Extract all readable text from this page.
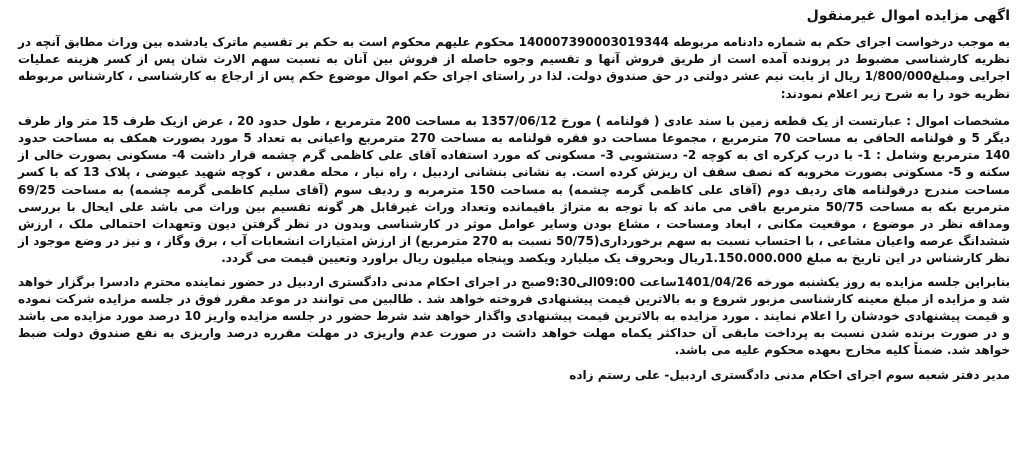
اگهی مزایده اموال غیرمنقول

به موجب درخواست اجرای حکم به شماره دادنامه مربوطه 140007390003019344 محکوم علیهم محکوم است به حکم بر تقسیم ماترک یادشده بین وراث مطابق آنچه در نظریه کارشناسی مضبوط در پرونده آمده است از طریق فروش آنها و تقسیم وجوه حاصله از فروش بین آنان به نسبت سهم الارث شان پس از کسر هزینه عملیات اجرایی ومبلغ1/800/000 ریال از بابت نیم عشر دولتی در حق صندوق دولت. لذا در راستای اجرای حکم اموال موضوع حکم پس از ارجاع به کارشناسی ، کارشناس مربوطه نظریه خود را به شرح زیر اعلام نمودند:

مشخصات اموال : عبارتست از یک قطعه زمین با سند عادی ( قولنامه ) مورخ 1357/06/12 به مساحت 200 مترمربع ، طول حدود 20 ، عرض ازیک طرف 15 متر واز طرف دیگر 5 و قولنامه الحاقی به مساحت 70 مترمربع ، مجموعا مساحت دو فقره قولنامه به مساحت 270 مترمربع واعیانی به تعداد 5 مورد بصورت همکف به مساحت حدود 140 مترمربع وشامل : 1- با درب کرکره ای به کوچه 2- دستشویی 3- مسکونی که مورد استفاده آقای علی کاظمی گرم چشمه قرار داشت 4- مسکونی بصورت خالی از سکنه و 5- مسکونی بصورت مخروبه که نصف سقف ان ریزش کرده است. به نشانی بنشانی اردبیل ، راه نیار ، محله مقدس ، کوچه شهید عیوضی ، پلاک 13 که با کسر مساحت مندرج درقولنامه های ردیف دوم (آقای علی کاظمی گرمه چشمه) به مساحت 150 مترمربه و ردیف سوم (آقای سلیم کاظمی گرمه چشمه) به مساحت 69/25 مترمربع بکه به مساحت 50/75 مترمربع باقی می ماند که با توجه به متراژ باقیمانده وتعداد وراث غیرقابل هر گونه تقسیم بین وراث می باشد علی ایحال با بررسی ومداقه نظر در موضوع ، موقعیت مکانی ، ابعاد ومساحت ، مشاع بودن وسایر عوامل موثر در کارشناسی وبدون در نظر گرفتن دیون وتعهدات احتمالی ملک ، ارزش ششدانگ عرصه واعیان مشاعی ، با احتساب نسبت به سهم برخورداری(50/75 نسبت به 270 مترمربع) از ارزش امتیازات انشعابات آب ، برق وگاز ، و نیز در وضع موجود از نظر کارشناس در این تاریخ به مبلغ 1.150.000.000ریال وبحروف یک میلیارد ویکصد وپنجاه میلیون ریال براورد وتعیین قیمت می گردد.

بنابراین جلسه مزایده به روز یکشنبه مورخه 1401/04/26ساعت 09:00الی9:30صبح در اجرای احکام مدنی دادگستری اردبیل در حضور نماینده محترم دادسرا برگزار خواهد شد و مزایده از مبلغ معینه کارشناسی مزبور شروع و به بالاترین قیمت پیشنهادی فروخته خواهد شد . طالبین می توانند در موعد مقرر فوق در جلسه مزایده شرکت نموده و قیمت پیشنهادی خودشان را اعلام نمایند . مورد مزایده به بالاترین قیمت پیشنهادی واگذار خواهد شد شرط حضور در جلسه مزایده واریز 10 درصد مورد مزایده می باشد و در صورت برنده شدن نسبت به پرداخت مابقی آن حداکثر یکماه مهلت خواهد داشت در صورت عدم واریزی در مهلت مقرره درصد واریزی به نفع صندوق دولت ضبط خواهد شد. ضمناً کلیه مخارج بعهده محکوم علیه می باشد.

مدیر دفتر شعبه سوم اجرای احکام مدنی دادگستری اردبیل- علی رستم زاده
